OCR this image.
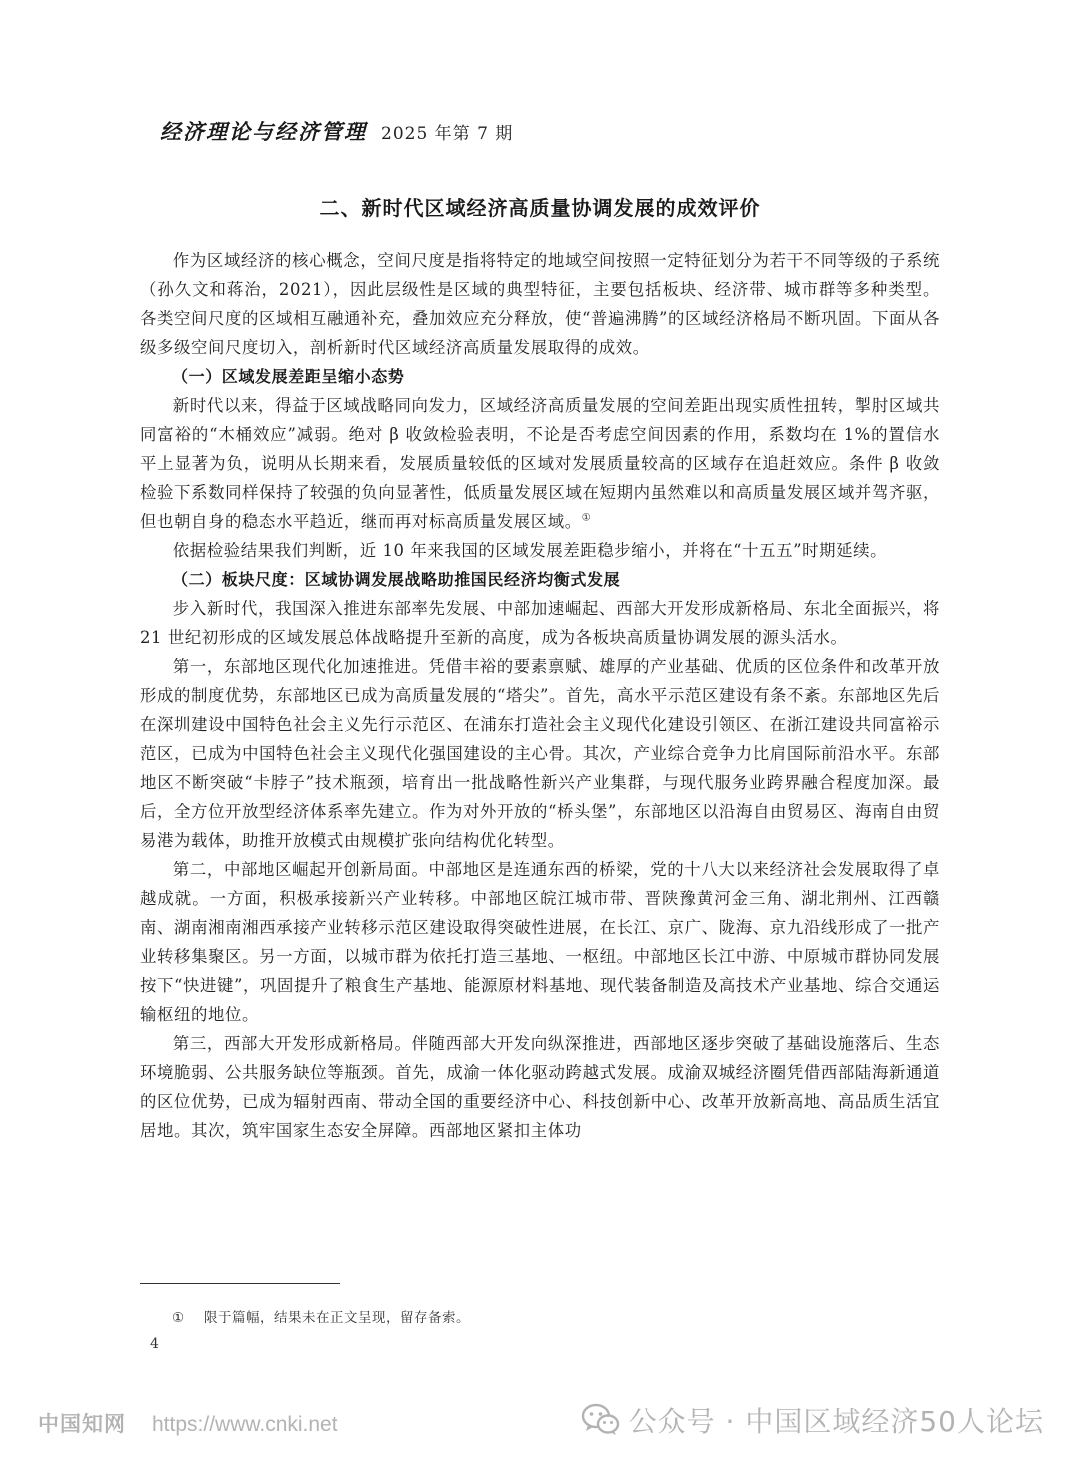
经济理论与经济管理 2025 年第 7 期
二、新时代区域经济高质量协调发展的成效评价

作为区域经济的核心概念，空间尺度是指将特定的地域空间按照一定特征划分为若干不同等级的子系统（孙久文和蒋治，2021），因此层级性是区域的典型特征，主要包括板块、经济带、城市群等多种类型。各类空间尺度的区域相互融通补充，叠加效应充分释放，使“普遍沸腾”的区域经济格局不断巩固。下面从各级多级空间尺度切入，剖析新时代区域经济高质量发展取得的成效。

（一）区域发展差距呈缩小态势

新时代以来，得益于区域战略同向发力，区域经济高质量发展的空间差距出现实质性扭转，掣肘区域共同富裕的“木桶效应”减弱。绝对 β 收敛检验表明，不论是否考虑空间因素的作用，系数均在 1%的置信水平上显著为负，说明从长期来看，发展质量较低的区域对发展质量较高的区域存在追赶效应。条件 β 收敛检验下系数同样保持了较强的负向显著性，低质量发展区域在短期内虽然难以和高质量发展区域并驾齐驱，但也朝自身的稳态水平趋近，继而再对标高质量发展区域。①

依据检验结果我们判断，近 10 年来我国的区域发展差距稳步缩小，并将在“十五五”时期延续。

（二）板块尺度：区域协调发展战略助推国民经济均衡式发展

步入新时代，我国深入推进东部率先发展、中部加速崛起、西部大开发形成新格局、东北全面振兴，将 21 世纪初形成的区域发展总体战略提升至新的高度，成为各板块高质量协调发展的源头活水。

第一，东部地区现代化加速推进。凭借丰裕的要素禀赋、雄厚的产业基础、优质的区位条件和改革开放形成的制度优势，东部地区已成为高质量发展的“塔尖”。首先，高水平示范区建设有条不紊。东部地区先后在深圳建设中国特色社会主义先行示范区、在浦东打造社会主义现代化建设引领区、在浙江建设共同富裕示范区，已成为中国特色社会主义现代化强国建设的主心骨。其次，产业综合竞争力比肩国际前沿水平。东部地区不断突破“卡脖子”技术瓶颈，培育出一批战略性新兴产业集群，与现代服务业跨界融合程度加深。最后，全方位开放型经济体系率先建立。作为对外开放的“桥头堡”，东部地区以沿海自由贸易区、海南自由贸易港为载体，助推开放模式由规模扩张向结构优化转型。

第二，中部地区崛起开创新局面。中部地区是连通东西的桥梁，党的十八大以来经济社会发展取得了卓越成就。一方面，积极承接新兴产业转移。中部地区皖江城市带、晋陕豫黄河金三角、湖北荆州、江西赣南、湖南湘南湘西承接产业转移示范区建设取得突破性进展，在长江、京广、陇海、京九沿线形成了一批产业转移集聚区。另一方面，以城市群为依托打造三基地、一枢纽。中部地区长江中游、中原城市群协同发展按下“快进键”，巩固提升了粮食生产基地、能源原材料基地、现代装备制造及高技术产业基地、综合交通运输枢纽的地位。

第三，西部大开发形成新格局。伴随西部大开发向纵深推进，西部地区逐步突破了基础设施落后、生态环境脆弱、公共服务缺位等瓶颈。首先，成渝一体化驱动跨越式发展。成渝双城经济圈凭借西部陆海新通道的区位优势，已成为辐射西南、带动全国的重要经济中心、科技创新中心、改革开放新高地、高品质生活宜居地。其次，筑牢国家生态安全屏障。西部地区紧扣主体功

① 限于篇幅，结果未在正文呈现，留存备索。
4
中国知网 https://www.cnki.net	公众号 · 中国区域经济50人论坛
